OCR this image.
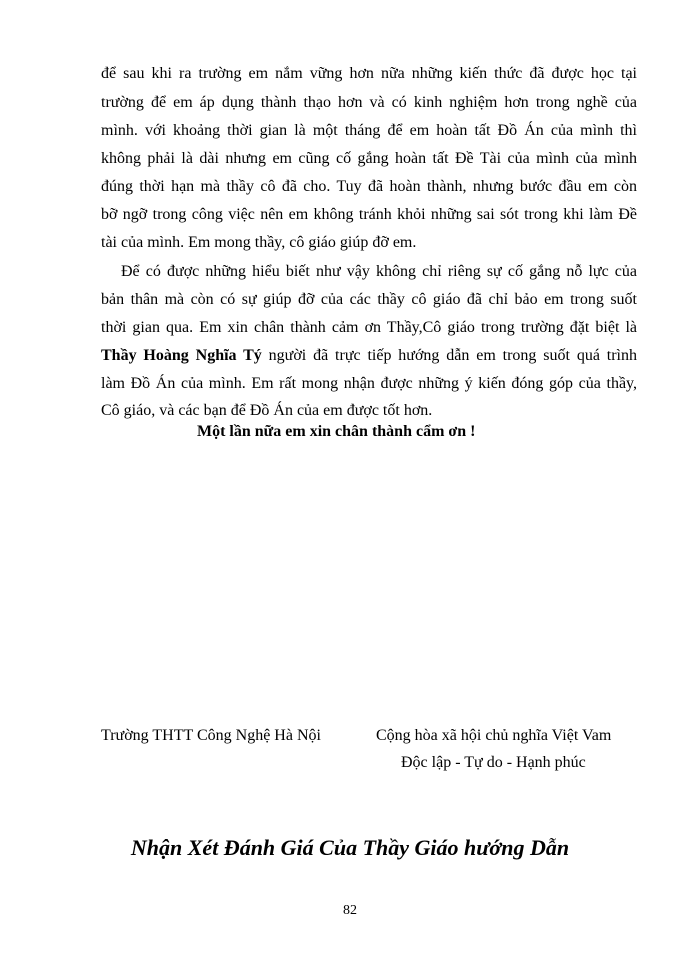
để sau khi ra trường em nắm vững hơn nữa những kiến thức đã được học tại
trường để em áp dụng thành thạo hơn và có kinh nghiệm hơn trong nghề của
mình. với khoảng thời gian là một tháng để em hoàn tất Đồ Án của mình thì
không phải là dài nhưng em cũng cố gắng hoàn tất Đề Tài của mình của mình
đúng thời hạn mà thầy cô đã cho. Tuy đã hoàn thành, nhưng bước đầu em còn
bỡ ngỡ trong công việc nên em không tránh khỏi những sai sót trong khi làm Đề
tài của mình. Em mong thầy, cô giáo giúp đỡ em.
Để có được những hiểu biết như vậy không chỉ riêng sự cố gắng nỗ lực của
bản thân mà còn có sự giúp đỡ của các thầy cô giáo đã chỉ bảo em trong suốt
thời gian qua. Em xin chân thành cảm ơn Thầy,Cô giáo trong trường đặt biệt là
Thầy Hoàng Nghĩa Tý người đã trực tiếp hướng dẫn em trong suốt quá trình
làm Đồ Án của mình. Em rất mong nhận được những ý kiến đóng góp của thầy,
Cô giáo, và các bạn để Đồ Án của em được tốt hơn.
Một lần nữa em xin chân thành cẩm ơn !
Trường THTT Công Nghệ Hà Nội	Cộng hòa xã hội chủ nghĩa Việt Vam
Độc lập - Tự do - Hạnh phúc
Nhận Xét Đánh Giá Của Thầy Giáo hướng Dẫn
82
